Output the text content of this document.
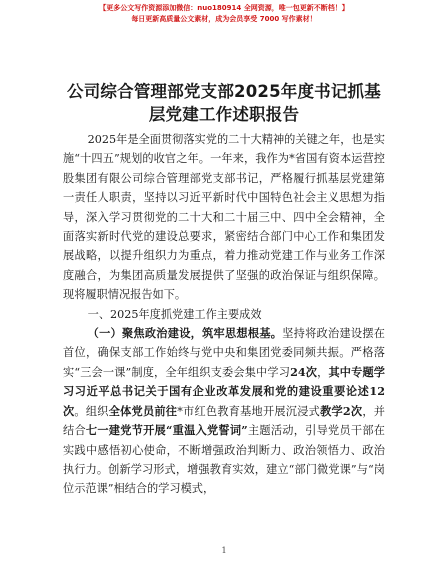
【更多公文写作资源添加微信：nuo180914 全网资源，唯一包更新不断档！】
每日更新高质量公文素材，成为会员享受 7000 写作素材！
公司综合管理部党支部2025年度书记抓基层党建工作述职报告

2025年是全面贯彻落实党的二十大精神的关键之年，也是实施“十四五”规划的收官之年。一年来，我作为*省国有资本运营控股集团有限公司综合管理部党支部书记，严格履行抓基层党建第一责任人职责，坚持以习近平新时代中国特色社会主义思想为指导，深入学习贯彻党的二十大和二十届三中、四中全会精神，全面落实新时代党的建设总要求，紧密结合部门中心工作和集团发展战略，以提升组织力为重点，着力推动党建工作与业务工作深度融合，为集团高质量发展提供了坚强的政治保证与组织保障。现将履职情况报告如下。

一、2025年度抓党建工作主要成效

（一）聚焦政治建设，筑牢思想根基。坚持将政治建设摆在首位，确保支部工作始终与党中央和集团党委同频共振。严格落实“三会一课”制度，全年组织支委会集中学习24次，其中专题学习习近平总书记关于国有企业改革发展和党的建设重要论述12次。组织全体党员前往*市红色教育基地开展沉浸式教学2次，并结合七一建党节开展“重温入党誓词”主题活动，引导党员干部在实践中感悟初心使命，不断增强政治判断力、政治领悟力、政治执行力。创新学习形式，增强教育实效，建立“部门微党课”与“岗位示范课”相结合的学习模式，

1
